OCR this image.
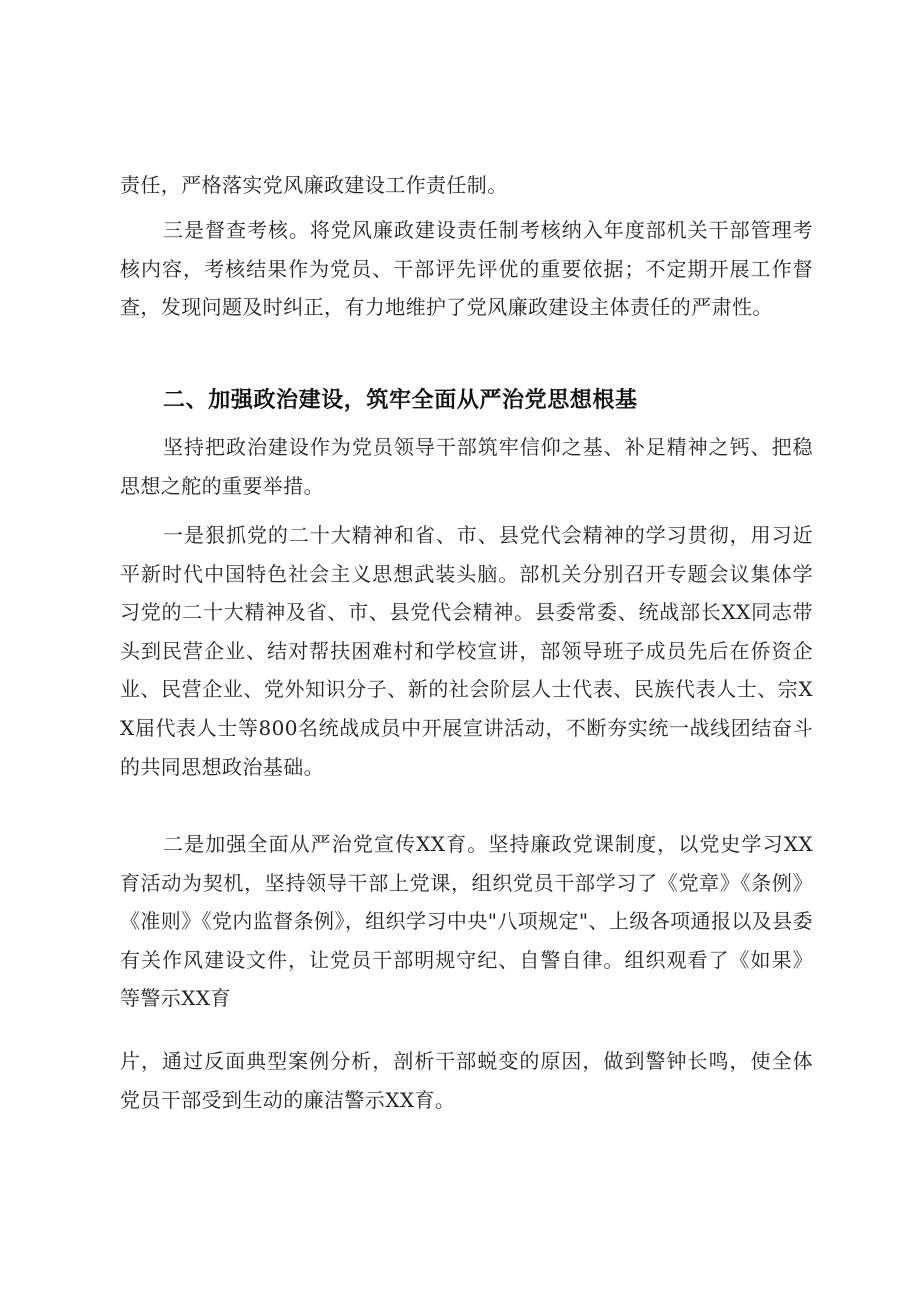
责任，严格落实党风廉政建设工作责任制。

三是督查考核。将党风廉政建设责任制考核纳入年度部机关干部管理考核内容，考核结果作为党员、干部评先评优的重要依据；不定期开展工作督查，发现问题及时纠正，有力地维护了党风廉政建设主体责任的严肃性。

二、加强政治建设，筑牢全面从严治党思想根基

坚持把政治建设作为党员领导干部筑牢信仰之基、补足精神之钙、把稳思想之舵的重要举措。

一是狠抓党的二十大精神和省、市、县党代会精神的学习贯彻，用习近平新时代中国特色社会主义思想武装头脑。部机关分别召开专题会议集体学习党的二十大精神及省、市、县党代会精神。县委常委、统战部长XX同志带头到民营企业、结对帮扶困难村和学校宣讲，部领导班子成员先后在侨资企业、民营企业、党外知识分子、新的社会阶层人士代表、民族代表人士、宗XX届代表人士等800名统战成员中开展宣讲活动，不断夯实统一战线团结奋斗的共同思想政治基础。

二是加强全面从严治党宣传XX育。坚持廉政党课制度，以党史学习XX育活动为契机，坚持领导干部上党课，组织党员干部学习了《党章》《条例》《准则》《党内监督条例》，组织学习中央"八项规定"、上级各项通报以及县委有关作风建设文件，让党员干部明规守纪、自警自律。组织观看了《如果》等警示XX育

片，通过反面典型案例分析，剖析干部蜕变的原因，做到警钟长鸣，使全体党员干部受到生动的廉洁警示XX育。
